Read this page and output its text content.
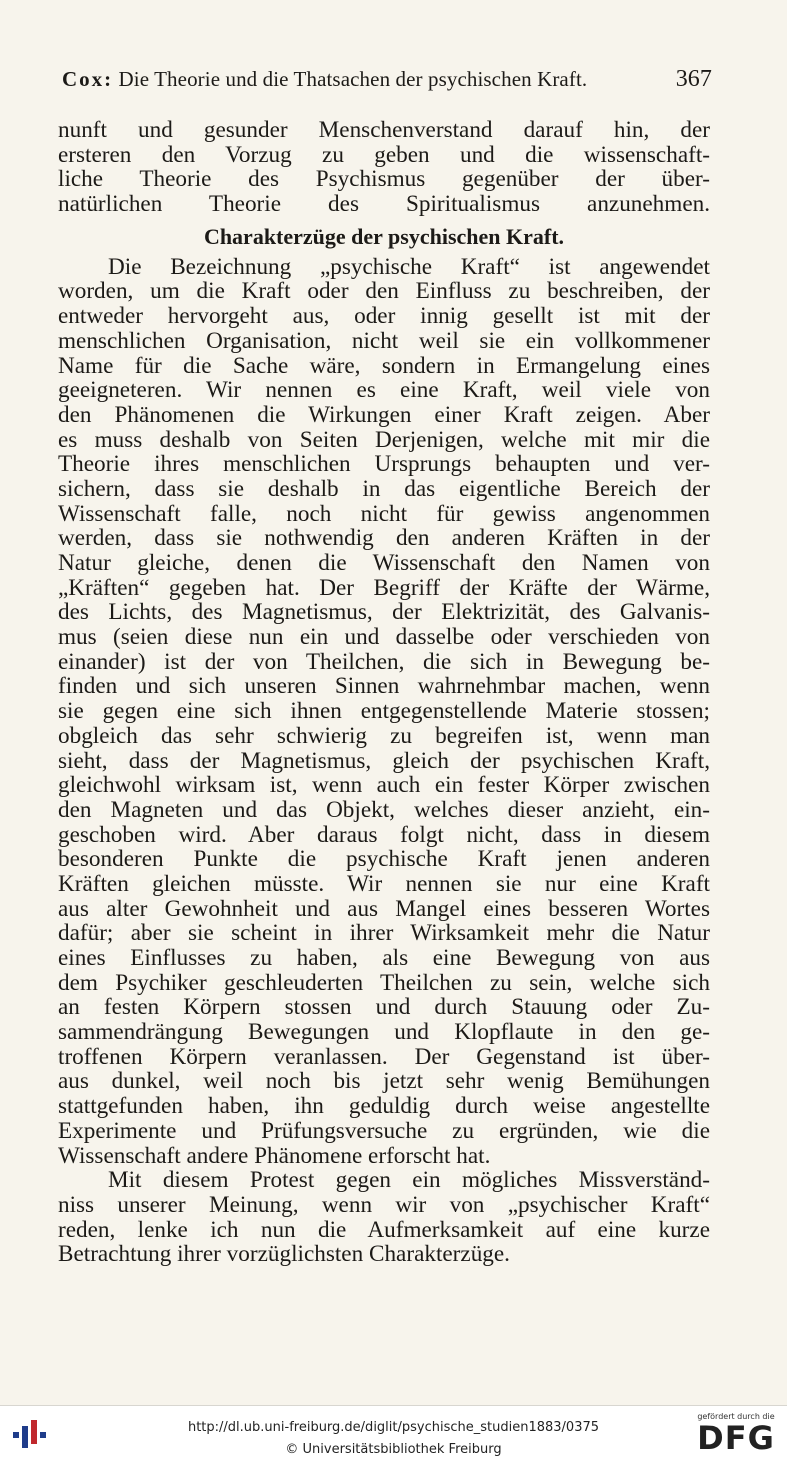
Cox: Die Theorie und die Thatsachen der psychischen Kraft.	367
nunft und gesunder Menschenverstand darauf hin, der
ersteren den Vorzug zu geben und die wissenschaft-
liche Theorie des Psychismus gegenüber der über-
natürlichen Theorie des Spiritualismus anzunehmen.
Charakterzüge der psychischen Kraft.
Die Bezeichnung „psychische Kraft“ ist angewendet
worden, um die Kraft oder den Einfluss zu beschreiben, der
entweder hervorgeht aus, oder innig gesellt ist mit der
menschlichen Organisation, nicht weil sie ein vollkommener
Name für die Sache wäre, sondern in Ermangelung eines
geeigneteren. Wir nennen es eine Kraft, weil viele von
den Phänomenen die Wirkungen einer Kraft zeigen. Aber
es muss deshalb von Seiten Derjenigen, welche mit mir die
Theorie ihres menschlichen Ursprungs behaupten und ver-
sichern, dass sie deshalb in das eigentliche Bereich der
Wissenschaft falle, noch nicht für gewiss angenommen
werden, dass sie nothwendig den anderen Kräften in der
Natur gleiche, denen die Wissenschaft den Namen von
„Kräften“ gegeben hat. Der Begriff der Kräfte der Wärme,
des Lichts, des Magnetismus, der Elektrizität, des Galvanis-
mus (seien diese nun ein und dasselbe oder verschieden von
einander) ist der von Theilchen, die sich in Bewegung be-
finden und sich unseren Sinnen wahrnehmbar machen, wenn
sie gegen eine sich ihnen entgegenstellende Materie stossen;
obgleich das sehr schwierig zu begreifen ist, wenn man
sieht, dass der Magnetismus, gleich der psychischen Kraft,
gleichwohl wirksam ist, wenn auch ein fester Körper zwischen
den Magneten und das Objekt, welches dieser anzieht, ein-
geschoben wird. Aber daraus folgt nicht, dass in diesem
besonderen Punkte die psychische Kraft jenen anderen
Kräften gleichen müsste. Wir nennen sie nur eine Kraft
aus alter Gewohnheit und aus Mangel eines besseren Wortes
dafür; aber sie scheint in ihrer Wirksamkeit mehr die Natur
eines Einflusses zu haben, als eine Bewegung von aus
dem Psychiker geschleuderten Theilchen zu sein, welche sich
an festen Körpern stossen und durch Stauung oder Zu-
sammendrängung Bewegungen und Klopflaute in den ge-
troffenen Körpern veranlassen. Der Gegenstand ist über-
aus dunkel, weil noch bis jetzt sehr wenig Bemühungen
stattgefunden haben, ihn geduldig durch weise angestellte
Experimente und Prüfungsversuche zu ergründen, wie die
Wissenschaft andere Phänomene erforscht hat.
Mit diesem Protest gegen ein mögliches Missverständ-
niss unserer Meinung, wenn wir von „psychischer Kraft“
reden, lenke ich nun die Aufmerksamkeit auf eine kurze
Betrachtung ihrer vorzüglichsten Charakterzüge.
http://dl.ub.uni-freiburg.de/diglit/psychische_studien1883/0375
© Universitätsbibliothek Freiburg
gefördert durch die
DFG
